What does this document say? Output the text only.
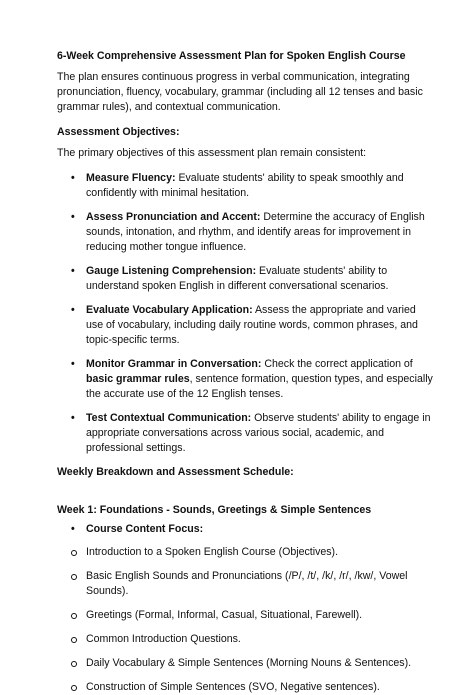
6-Week Comprehensive Assessment Plan for Spoken English Course

The plan ensures continuous progress in verbal communication, integrating pronunciation, fluency, vocabulary, grammar (including all 12 tenses and basic grammar rules), and contextual communication.

Assessment Objectives:

The primary objectives of this assessment plan remain consistent:

• Measure Fluency: Evaluate students' ability to speak smoothly and confidently with minimal hesitation.
• Assess Pronunciation and Accent: Determine the accuracy of English sounds, intonation, and rhythm, and identify areas for improvement in reducing mother tongue influence.
• Gauge Listening Comprehension: Evaluate students' ability to understand spoken English in different conversational scenarios.
• Evaluate Vocabulary Application: Assess the appropriate and varied use of vocabulary, including daily routine words, common phrases, and topic-specific terms.
• Monitor Grammar in Conversation: Check the correct application of basic grammar rules, sentence formation, question types, and especially the accurate use of the 12 English tenses.
• Test Contextual Communication: Observe students' ability to engage in appropriate conversations across various social, academic, and professional settings.
Weekly Breakdown and Assessment Schedule:
Week 1: Foundations - Sounds, Greetings & Simple Sentences
• Course Content Focus:
Introduction to a Spoken English Course (Objectives).
Basic English Sounds and Pronunciations (/P/, /t/, /k/, /r/, /kw/, Vowel Sounds).
Greetings (Formal, Informal, Casual, Situational, Farewell).
Common Introduction Questions.
Daily Vocabulary & Simple Sentences (Morning Nouns & Sentences).
Construction of Simple Sentences (SVO, Negative sentences).
